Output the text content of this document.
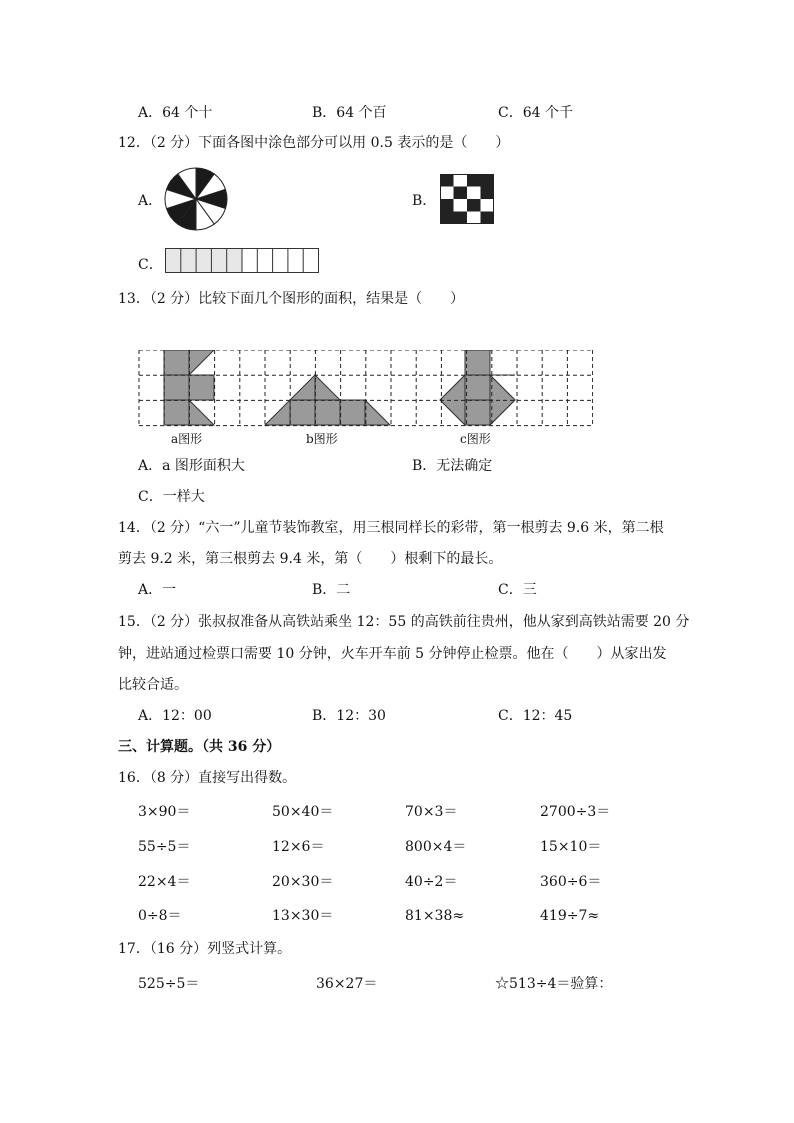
A．64 个十	B．64 个百	C．64 个千
12．（2 分）下面各图中涂色部分可以用 0.5 表示的是（　　）
A．	B．
C．
13．（2 分）比较下面几个图形的面积，结果是（　　）
a图形	b图形	c图形
A．a 图形面积大	B．无法确定
C．一样大
14．（2 分）“六一”儿童节装饰教室，用三根同样长的彩带，第一根剪去 9.6 米，第二根
剪去 9.2 米，第三根剪去 9.4 米，第（　　）根剩下的最长。
A．一	B．二	C．三
15．（2 分）张叔叔准备从高铁站乘坐 12：55 的高铁前往贵州，他从家到高铁站需要 20 分
钟，进站通过检票口需要 10 分钟，火车开车前 5 分钟停止检票。他在（　　）从家出发
比较合适。
A．12：00	B．12：30	C．12：45
三、计算题。（共 36 分）
16．（8 分）直接写出得数。
3×90＝	50×40＝	70×3＝	2700÷3＝
55÷5＝	12×6＝	800×4＝	15×10＝
22×4＝	20×30＝	40÷2＝	360÷6＝
0÷8＝	13×30＝	81×38≈	419÷7≈
17．（16 分）列竖式计算。
525÷5＝	36×27＝	☆513÷4＝验算：
